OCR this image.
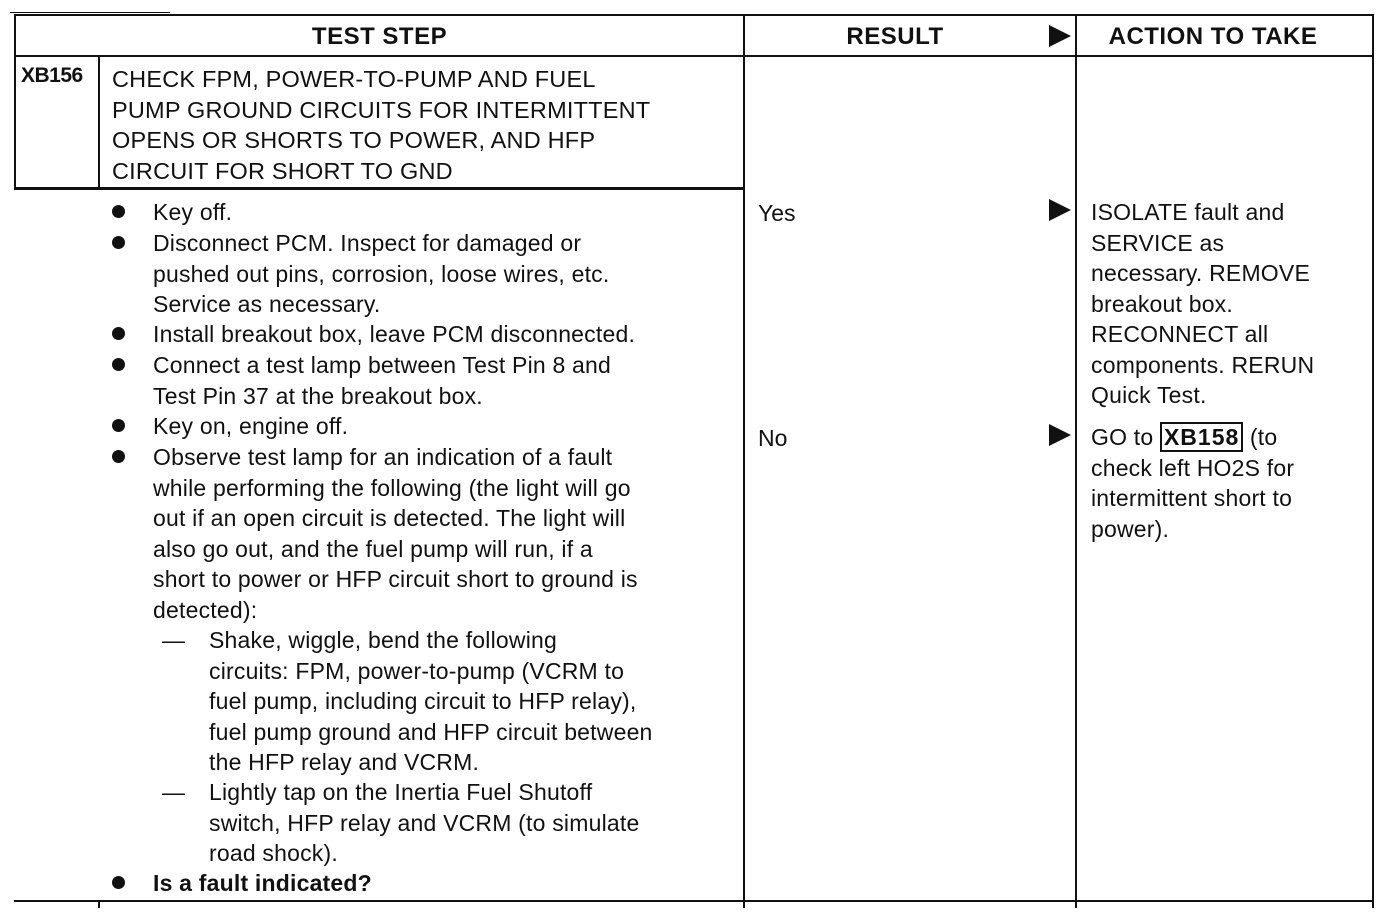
TEST STEP	RESULT	ACTION TO TAKE
XB156 CHECK FPM, POWER-TO-PUMP AND FUEL
PUMP GROUND CIRCUITS FOR INTERMITTENT
OPENS OR SHORTS TO POWER, AND HFP
CIRCUIT FOR SHORT TO GND
Key off.
Disconnect PCM. Inspect for damaged or
pushed out pins, corrosion, loose wires, etc.
Service as necessary.
Install breakout box, leave PCM disconnected.
Connect a test lamp between Test Pin 8 and
Test Pin 37 at the breakout box.
Key on, engine off.
Observe test lamp for an indication of a fault
while performing the following (the light will go
out if an open circuit is detected. The light will
also go out, and the fuel pump will run, if a
short to power or HFP circuit short to ground is
detected):
— Shake, wiggle, bend the following
circuits: FPM, power-to-pump (VCRM to
fuel pump, including circuit to HFP relay),
fuel pump ground and HFP circuit between
the HFP relay and VCRM.
— Lightly tap on the Inertia Fuel Shutoff
switch, HFP relay and VCRM (to simulate
road shock).
Is a fault indicated?
Yes	ISOLATE fault and
SERVICE as
necessary. REMOVE
breakout box.
RECONNECT all
components. RERUN
Quick Test.
No	GO to XB158 (to
check left HO2S for
intermittent short to
power).
